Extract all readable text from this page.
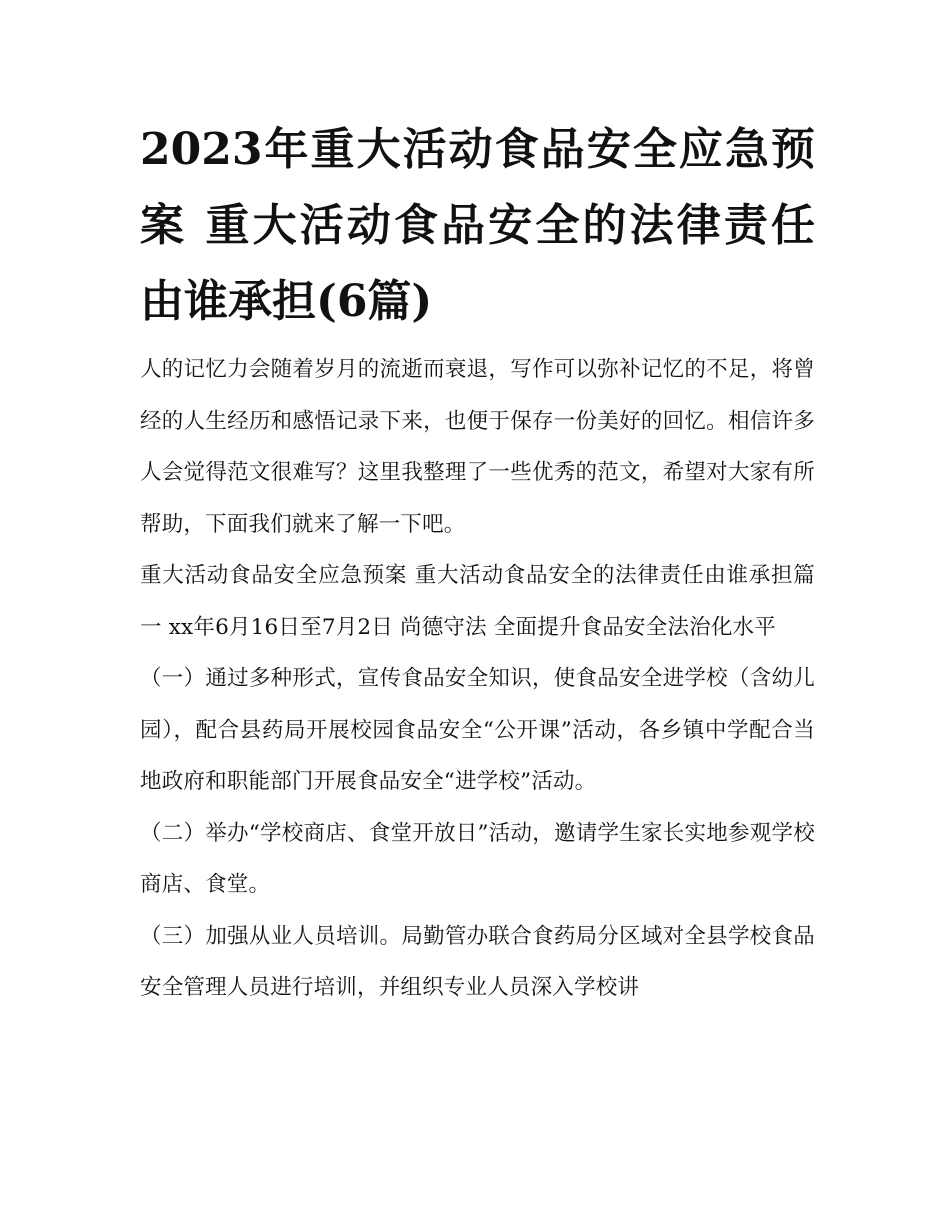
2023年重大活动食品安全应急预案 重大活动食品安全的法律责任由谁承担(6篇)

人的记忆力会随着岁月的流逝而衰退，写作可以弥补记忆的不足，将曾经的人生经历和感悟记录下来，也便于保存一份美好的回忆。相信许多人会觉得范文很难写？这里我整理了一些优秀的范文，希望对大家有所帮助，下面我们就来了解一下吧。

重大活动食品安全应急预案 重大活动食品安全的法律责任由谁承担篇一 xx年6月16日至7月2日 尚德守法 全面提升食品安全法治化水平

（一）通过多种形式，宣传食品安全知识，使食品安全进学校（含幼儿园），配合县药局开展校园食品安全“公开课”活动，各乡镇中学配合当地政府和职能部门开展食品安全“进学校”活动。

（二）举办“学校商店、食堂开放日”活动，邀请学生家长实地参观学校商店、食堂。

（三）加强从业人员培训。局勤管办联合食药局分区域对全县学校食品安全管理人员进行培训，并组织专业人员深入学校讲
